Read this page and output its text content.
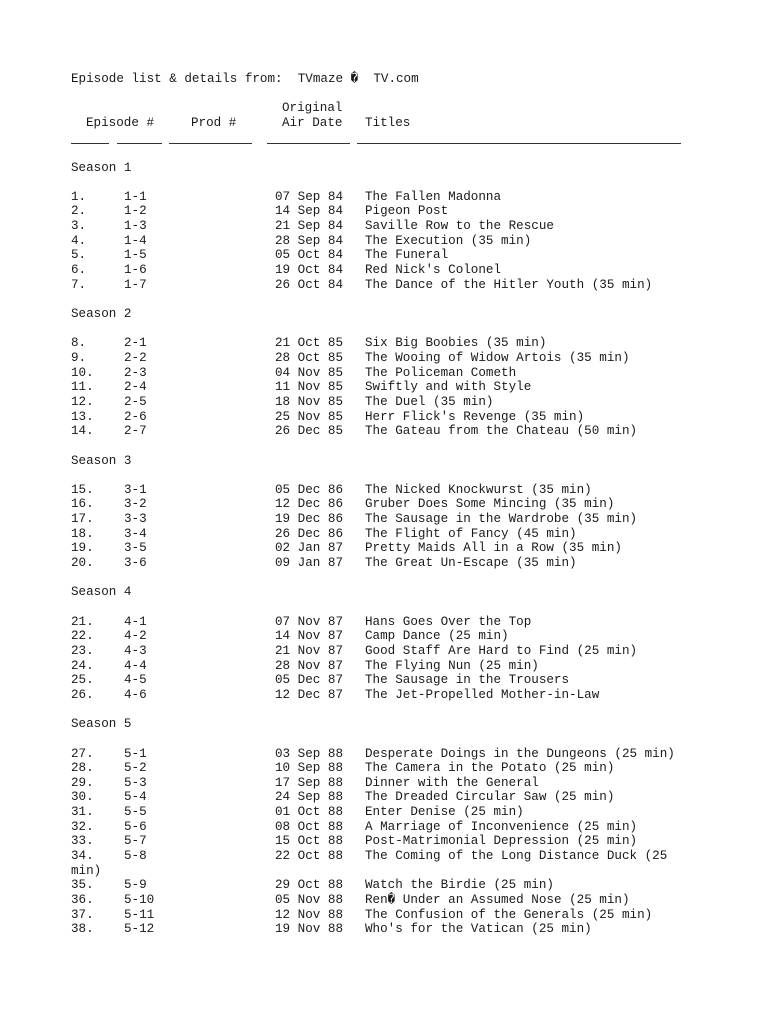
Episode list & details from:  TVmaze �  TV.com
Original
Episode #	Prod #	Air Date Titles
Season 1
1.	1-1	07 Sep 84 The Fallen Madonna
2.	1-2	14 Sep 84 Pigeon Post
3.	1-3	21 Sep 84 Saville Row to the Rescue
4.	1-4	28 Sep 84 The Execution (35 min)
5.	1-5	05 Oct 84 The Funeral
6.	1-6	19 Oct 84 Red Nick's Colonel
7.	1-7	26 Oct 84 The Dance of the Hitler Youth (35 min)
Season 2
8.	2-1	21 Oct 85 Six Big Boobies (35 min)
9.	2-2	28 Oct 85 The Wooing of Widow Artois (35 min)
10. 2-3	04 Nov 85 The Policeman Cometh
11. 2-4	11 Nov 85 Swiftly and with Style
12. 2-5	18 Nov 85 The Duel (35 min)
13. 2-6	25 Nov 85 Herr Flick's Revenge (35 min)
14. 2-7	26 Dec 85 The Gateau from the Chateau (50 min)
Season 3
15. 3-1	05 Dec 86 The Nicked Knockwurst (35 min)
16. 3-2	12 Dec 86 Gruber Does Some Mincing (35 min)
17. 3-3	19 Dec 86 The Sausage in the Wardrobe (35 min)
18. 3-4	26 Dec 86 The Flight of Fancy (45 min)
19. 3-5	02 Jan 87 Pretty Maids All in a Row (35 min)
20. 3-6	09 Jan 87 The Great Un-Escape (35 min)
Season 4
21. 4-1	07 Nov 87 Hans Goes Over the Top
22. 4-2	14 Nov 87 Camp Dance (25 min)
23. 4-3	21 Nov 87 Good Staff Are Hard to Find (25 min)
24. 4-4	28 Nov 87 The Flying Nun (25 min)
25. 4-5	05 Dec 87 The Sausage in the Trousers
26. 4-6	12 Dec 87 The Jet-Propelled Mother-in-Law
Season 5
27. 5-1	03 Sep 88 Desperate Doings in the Dungeons (25 min)
28. 5-2	10 Sep 88 The Camera in the Potato (25 min)
29. 5-3	17 Sep 88 Dinner with the General
30. 5-4	24 Sep 88 The Dreaded Circular Saw (25 min)
31. 5-5	01 Oct 88 Enter Denise (25 min)
32. 5-6	08 Oct 88 A Marriage of Inconvenience (25 min)
33. 5-7	15 Oct 88 Post-Matrimonial Depression (25 min)
34. 5-8	22 Oct 88 The Coming of the Long Distance Duck (25
min)
35. 5-9	29 Oct 88 Watch the Birdie (25 min)
36. 5-10	05 Nov 88 Ren� Under an Assumed Nose (25 min)
37. 5-11	12 Nov 88 The Confusion of the Generals (25 min)
38. 5-12	19 Nov 88 Who's for the Vatican (25 min)
